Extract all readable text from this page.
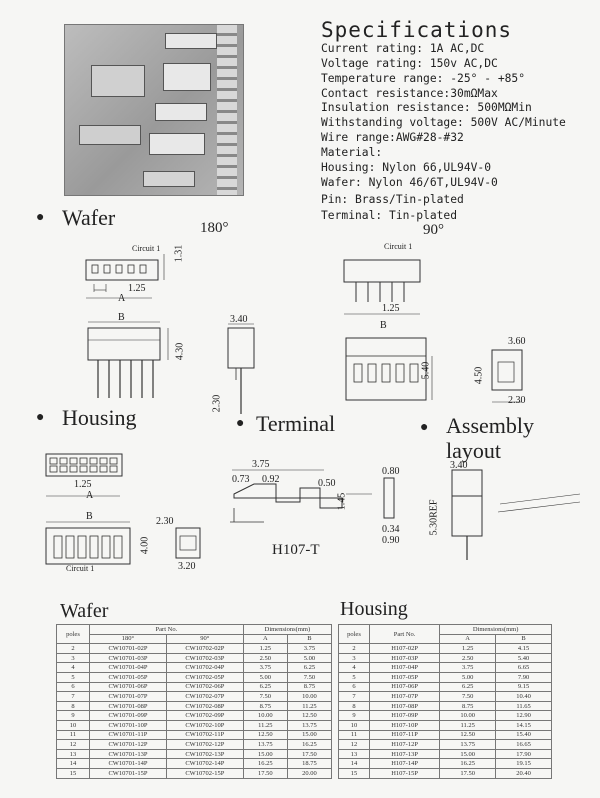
Specifications
Current rating: 1A AC,DC
Voltage rating: 150v AC,DC
Temperature range: -25° - +85°
Contact resistance:30mΩMax
Insulation resistance: 500MΩMin
Withstanding voltage: 500V AC/Minute
Wire range:AWG#28-#32
Material:
Housing: Nylon 66,UL94V-0
Wafer: Nylon 46/6T,UL94V-0
Pin: Brass/Tin-plated
Terminal: Tin-plated
● Wafer	180°	90°
Circuit 1 1.31
1.25
A
B
4.30
3.40
2.30
Circuit 1
1.25
B
5.40
3.60
4.50
2.30
● Housing	● Terminal	● Assembly
layout
1.25
A
B
Circuit 1
2.30
4.00
3.20
3.75
0.73 0.92	0.50
0.80
1.45
0.34
0.90
H107-T
3.40
5.30REF
Wafer	Housing
poles	Part No.		Dimensions(mm)	
	180°	90°	A	B
2	CW10701-02P	CW10702-02P	1.25	3.75
3	CW10701-03P	CW10702-03P	2.50	5.00
4	CW10701-04P	CW10702-04P	3.75	6.25
5	CW10701-05P	CW10702-05P	5.00	7.50
6	CW10701-06P	CW10702-06P	6.25	8.75
7	CW10701-07P	CW10702-07P	7.50	10.00
8	CW10701-08P	CW10702-08P	8.75	11.25
9	CW10701-09P	CW10702-09P	10.00	12.50
10	CW10701-10P	CW10702-10P	11.25	13.75
11	CW10701-11P	CW10702-11P	12.50	15.00
12	CW10701-12P	CW10702-12P	13.75	16.25
13	CW10701-13P	CW10702-13P	15.00	17.50
14	CW10701-14P	CW10702-14P	16.25	18.75
15	CW10701-15P	CW10702-15P	17.50	20.00
poles	Part No.	Dimensions(mm)	
		A	B
2	H107-02P	1.25	4.15
3	H107-03P	2.50	5.40
4	H107-04P	3.75	6.65
5	H107-05P	5.00	7.90
6	H107-06P	6.25	9.15
7	H107-07P	7.50	10.40
8	H107-08P	8.75	11.65
9	H107-09P	10.00	12.90
10	H107-10P	11.25	14.15
11	H107-11P	12.50	15.40
12	H107-12P	13.75	16.65
13	H107-13P	15.00	17.90
14	H107-14P	16.25	19.15
15	H107-15P	17.50	20.40
